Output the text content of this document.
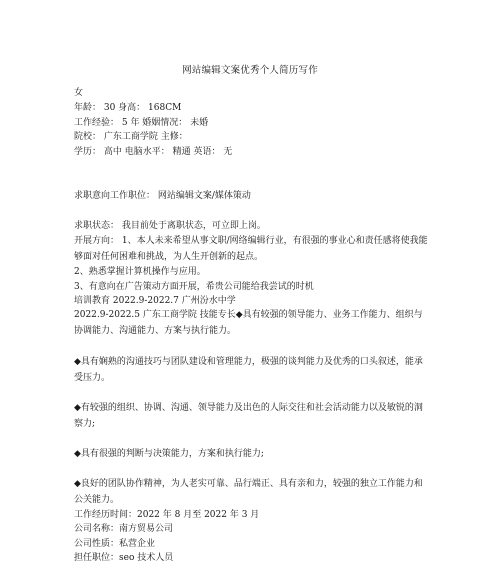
网站编辑文案优秀个人简历写作
女
年龄： 30 身高： 168CM
工作经验： 5 年 婚姻情况： 未婚
院校： 广东工商学院 主修：
学历： 高中 电脑水平： 精通 英语： 无
求职意向工作职位： 网站编辑文案/媒体策动
求职状态： 我目前处于离职状态，可立即上岗。
开展方向： 1、本人未来希望从事文职/网络编辑行业，有很强的事业心和责任感将使我能够面对任何困难和挑战，为人生开创新的起点。
2、熟悉掌握计算机操作与应用。
3、有意向在广告策动方面开展，希贵公司能给我尝试的时机
培训教育 2022.9-2022.7 广州汾水中学
2022.9-2022.5 广东工商学院 技能专长◆具有较强的领导能力、业务工作能力、组织与协调能力、沟通能力、方案与执行能力。
◆具有娴熟的沟通技巧与团队建设和管理能力，极强的谈判能力及优秀的口头叙述，能承受压力。
◆有较强的组织、协调、沟通、领导能力及出色的人际交往和社会活动能力以及敏锐的洞察力;
◆具有很强的判断与决策能力，方案和执行能力;
◆良好的团队协作精神，为人老实可靠、品行端正、具有亲和力，较强的独立工作能力和公关能力。
工作经历时间：2022 年 8 月至 2022 年 3 月
公司名称：南方贸易公司
公司性质：私营企业
担任职位：seo 技术人员
